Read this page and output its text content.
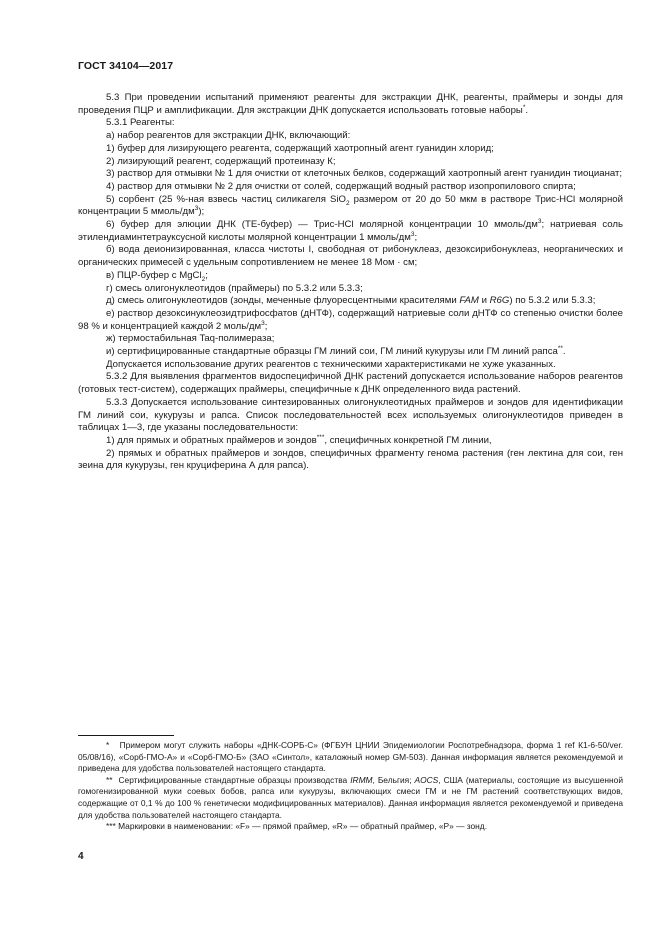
ГОСТ 34104—2017

5.3 При проведении испытаний применяют реагенты для экстракции ДНК, реагенты, праймеры и зонды для проведения ПЦР и амплификации. Для экстракции ДНК допускается использовать готовые наборы*.

5.3.1 Реагенты:

а) набор реагентов для экстракции ДНК, включающий:

1) буфер для лизирующего реагента, содержащий хаотропный агент гуанидин хлорид;

2) лизирующий реагент, содержащий протеиназу К;

3) раствор для отмывки № 1 для очистки от клеточных белков, содержащий хаотропный агент гуанидин тиоцианат;

4) раствор для отмывки № 2 для очистки от солей, содержащий водный раствор изопропилового спирта;

5) сорбент (25 %-ная взвесь частиц силикагеля SiO$_2$ размером от 20 до 50 мкм в растворе Трис-HCl молярной концентрации 5 ммоль/$дм^3$);

6) буфер для элюции ДНК (ТЕ-буфер) — Трис-HCl молярной концентрации 10 ммоль/$дм^3$; натриевая соль этилендиаминтетрауксусной кислоты молярной концентрации 1 ммоль/$дм^3$;

б) вода деионизированная, класса чистоты I, свободная от рибонуклеаз, дезоксирибонуклеаз, неорганических и органических примесей с удельным сопротивлением не менее 18 Мом · см;

в) ПЦР-буфер с MgCl$_2$;

г) смесь олигонуклеотидов (праймеры) по 5.3.2 или 5.3.3;

д) смесь олигонуклеотидов (зонды, меченные флуоресцентными красителями FAM и R6G) по 5.3.2 или 5.3.3;

е) раствор дезоксинуклеозидтрифосфатов (дНТФ), содержащий натриевые соли дНТФ со степенью очистки более 98 % и концентрацией каждой 2 моль/$дм^3$;

ж) термостабильная Taq-полимераза;

и) сертифицированные стандартные образцы ГМ линий сои, ГМ линий кукурузы или ГМ линий рапса**.

Допускается использование других реагентов с техническими характеристиками не хуже указанных.

5.3.2 Для выявления фрагментов видоспецифичной ДНК растений допускается использование наборов реагентов (готовых тест-систем), содержащих праймеры, специфичные к ДНК определенного вида растений.

5.3.3 Допускается использование синтезированных олигонуклеотидных праймеров и зондов для идентификации ГМ линий сои, кукурузы и рапса. Список последовательностей всех используемых олигонуклеотидов приведен в таблицах 1—3, где указаны последовательности:

1) для прямых и обратных праймеров и зондов***, специфичных конкретной ГМ линии,

2) прямых и обратных праймеров и зондов, специфичных фрагменту генома растения (ген лектина для сои, ген зеина для кукурузы, ген круциферина А для рапса).

* Примером могут служить наборы «ДНК-СОРБ-С» (ФГБУН ЦНИИ Эпидемиологии Роспотребнадзора, форма 1 ref К1-6-50/ver. 05/08/16), «Сорб-ГМО-А» и «Сорб-ГМО-Б» (ЗАО «Синтол», каталожный номер GM-503). Данная информация является рекомендуемой и приведена для удобства пользователей настоящего стандарта.

** Сертифицированные стандартные образцы производства IRMM, Бельгия; AOCS, США (материалы, состоящие из высушенной гомогенизированной муки соевых бобов, рапса или кукурузы, включающих смеси ГМ и не ГМ растений соответствующих видов, содержащие от 0,1 % до 100 % генетически модифицированных материалов). Данная информация является рекомендуемой и приведена для удобства пользователей настоящего стандарта.

*** Маркировки в наименовании: «F» — прямой праймер, «R» — обратный праймер, «P» — зонд.

4
